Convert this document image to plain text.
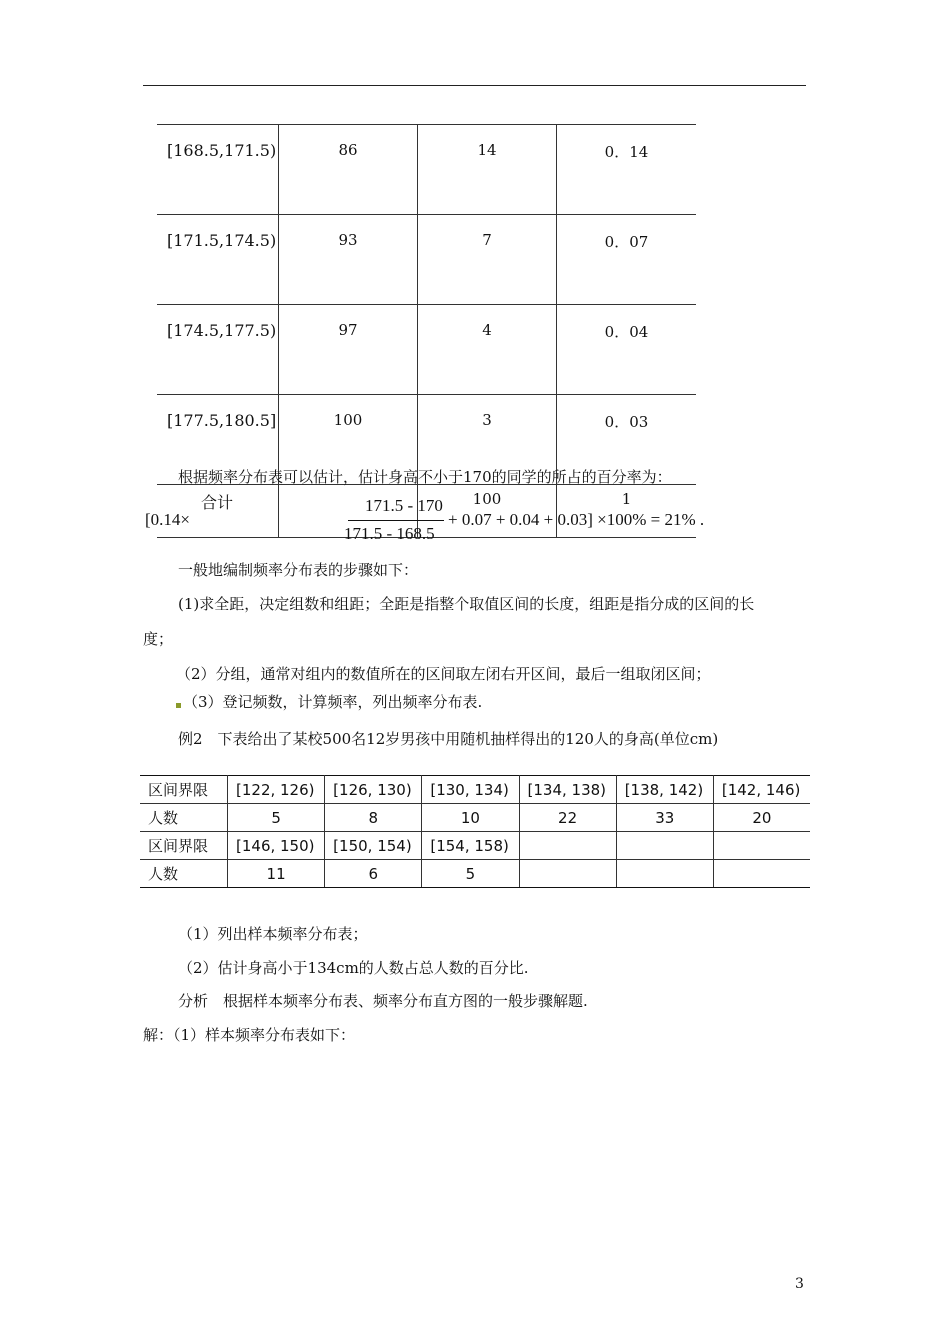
[168.5,171.5)	86	14	0．14
[171.5,174.5)	93	7	0．07
[174.5,177.5)	97	4	0．04
[177.5,180.5]	100	3	0．03
合计		100	1
根据频率分布表可以估计，估计身高不小于170的同学的所占的百分率为：
[0.14×
171.5 - 170
171.5 - 168.5
+ 0.07 + 0.04 + 0.03] ×100% = 21% .
一般地编制频率分布表的步骤如下：
(1)求全距，决定组数和组距；全距是指整个取值区间的长度，组距是指分成的区间的长
度；
（2）分组，通常对组内的数值所在的区间取左闭右开区间，最后一组取闭区间；
（3）登记频数，计算频率，列出频率分布表.
例2　下表给出了某校500名12岁男孩中用随机抽样得出的120人的身高(单位cm)
区间界限	[122, 126)	[126, 130)	[130, 134)	[134, 138)	[138, 142)	[142, 146)
人数	5	8	10	22	33	20
区间界限	[146, 150)	[150, 154)	[154, 158)			
人数	11	6	5			
（1）列出样本频率分布表；
（2）估计身高小于134cm的人数占总人数的百分比.
分析　根据样本频率分布表、频率分布直方图的一般步骤解题.
解：（1）样本频率分布表如下：
3
